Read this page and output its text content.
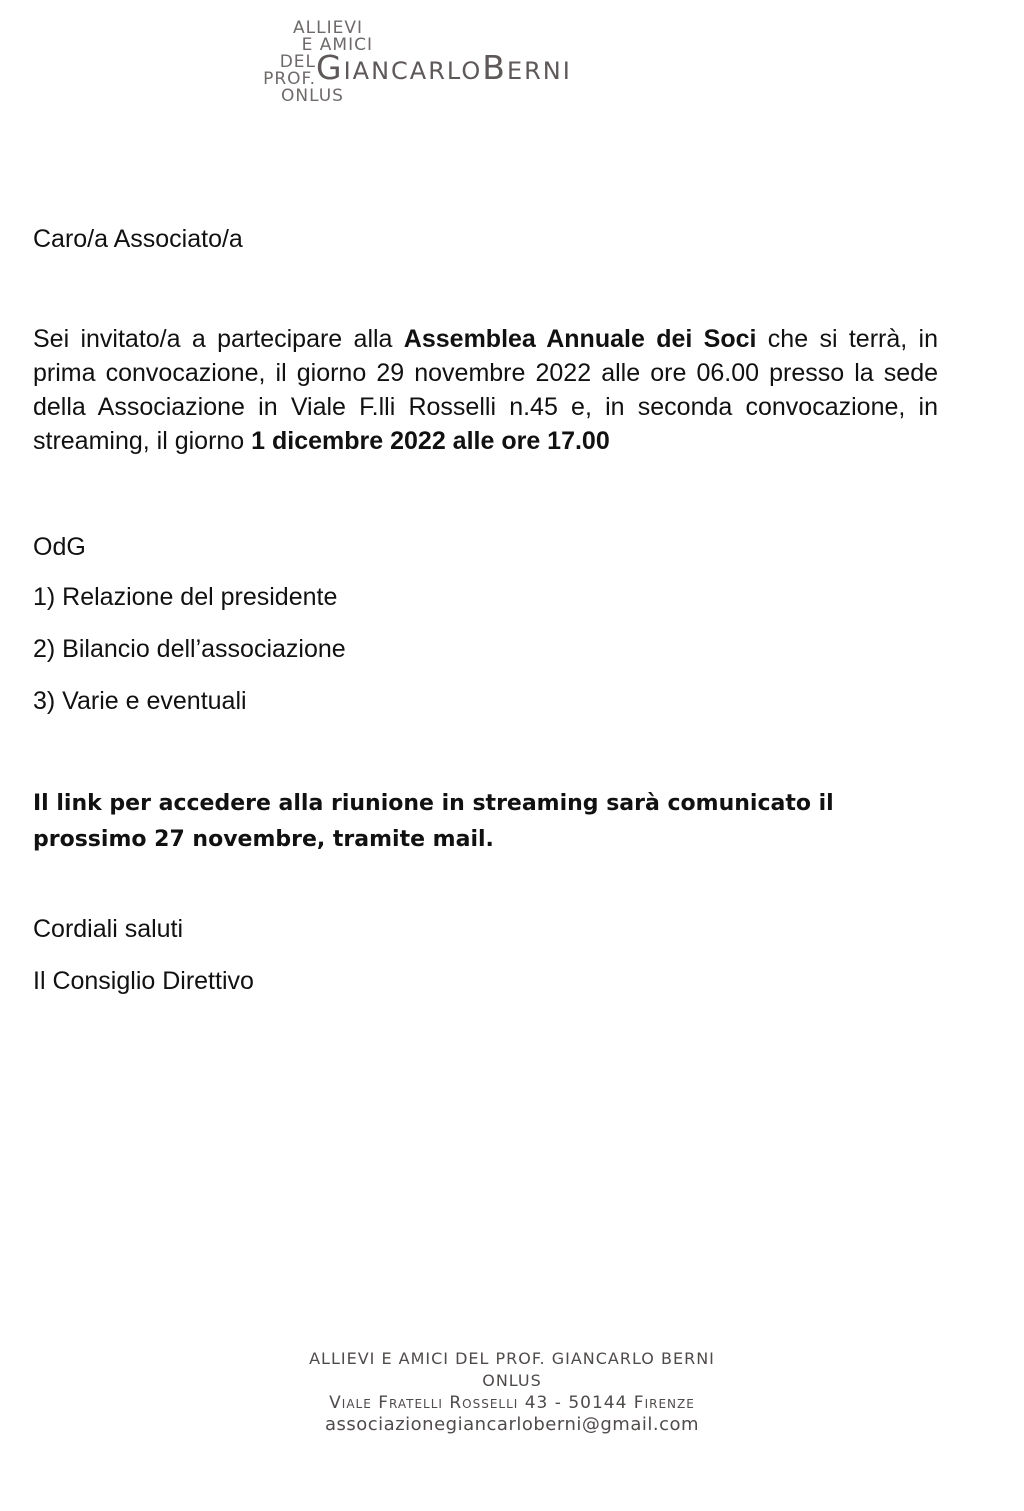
ALLIEVI
E AMICI
DEL
PROF.
ONLUS
GIANCARLOBERNI

Caro/a Associato/a

Sei invitato/a a partecipare alla Assemblea Annuale dei Soci che si terrà, in prima convocazione, il giorno 29 novembre 2022 alle ore 06.00 presso la sede della Associazione in Viale F.lli Rosselli n.45 e, in seconda convocazione, in streaming, il giorno 1 dicembre 2022 alle ore 17.00

OdG

1) Relazione del presidente

2) Bilancio dell’associazione

3) Varie e eventuali

Il link per accedere alla riunione in streaming sarà comunicato il
prossimo 27 novembre, tramite mail.

Cordiali saluti

Il Consiglio Direttivo

ALLIEVI E AMICI DEL PROF. GIANCARLO BERNI
ONLUS
Viale Fratelli Rosselli 43 - 50144 Firenze
associazionegiancarloberni@gmail.com
